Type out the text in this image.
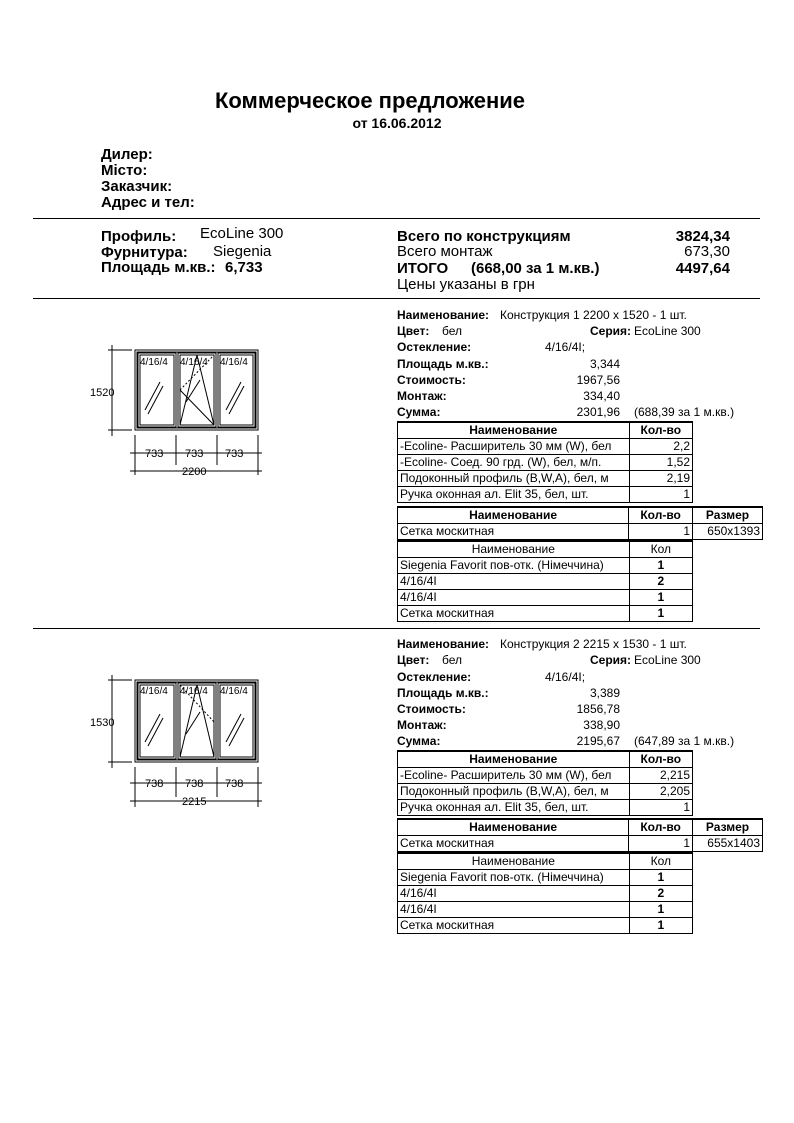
Коммерческое предложение
от 16.06.2012
Дилер:
Місто:
Заказчик:
Адрес и тел:
Профиль: EcoLine 300
Фурнитура: Siegenia
Площадь м.кв.: 6,733
Всего по конструкциям	3824,34
Всего монтаж	673,30
ИТОГО (668,00 за 1 м.кв.)	4497,64
Цены указаны в грн
1520
733 733 733
2200
4/16/4 4/16/4 4/16/4
Наименование: Конструкция 1 2200 x 1520 - 1 шт.
Цвет: бел	Серия: EcoLine 300
Остекление:	4/16/4I;
Площадь м.кв.:	3,344
Стоимость:	1967,56
Монтаж:	334,40
Сумма:	2301,96 (688,39 за 1 м.кв.)
Наименование	Кол-во
-Ecoline- Расширитель 30 мм (W), бел	2,2
-Ecoline- Соед. 90 грд. (W), бел, м/п.	1,52
Подоконный профиль (B,W,A), бел, м	2,19
Ручка оконная ал. Elit 35, бел, шт.	1
Наименование	Кол-во	Размер
Сетка москитная	1	650x1393
Наименование	Кол
Siegenia Favorit пов-отк. (Німеччина)	1
4/16/4I	2
4/16/4I	1
Сетка москитная	1
1530
738 738 738
2215
4/16/4 4/16/4 4/16/4
Наименование: Конструкция 2 2215 x 1530 - 1 шт.
Цвет: бел	Серия: EcoLine 300
Остекление:	4/16/4I;
Площадь м.кв.:	3,389
Стоимость:	1856,78
Монтаж:	338,90
Сумма:	2195,67 (647,89 за 1 м.кв.)
Наименование	Кол-во
-Ecoline- Расширитель 30 мм (W), бел	2,215
Подоконный профиль (B,W,A), бел, м	2,205
Ручка оконная ал. Elit 35, бел, шт.	1
Наименование	Кол-во	Размер
Сетка москитная	1	655x1403
Наименование	Кол
Siegenia Favorit пов-отк. (Німеччина)	1
4/16/4I	2
4/16/4I	1
Сетка москитная	1
